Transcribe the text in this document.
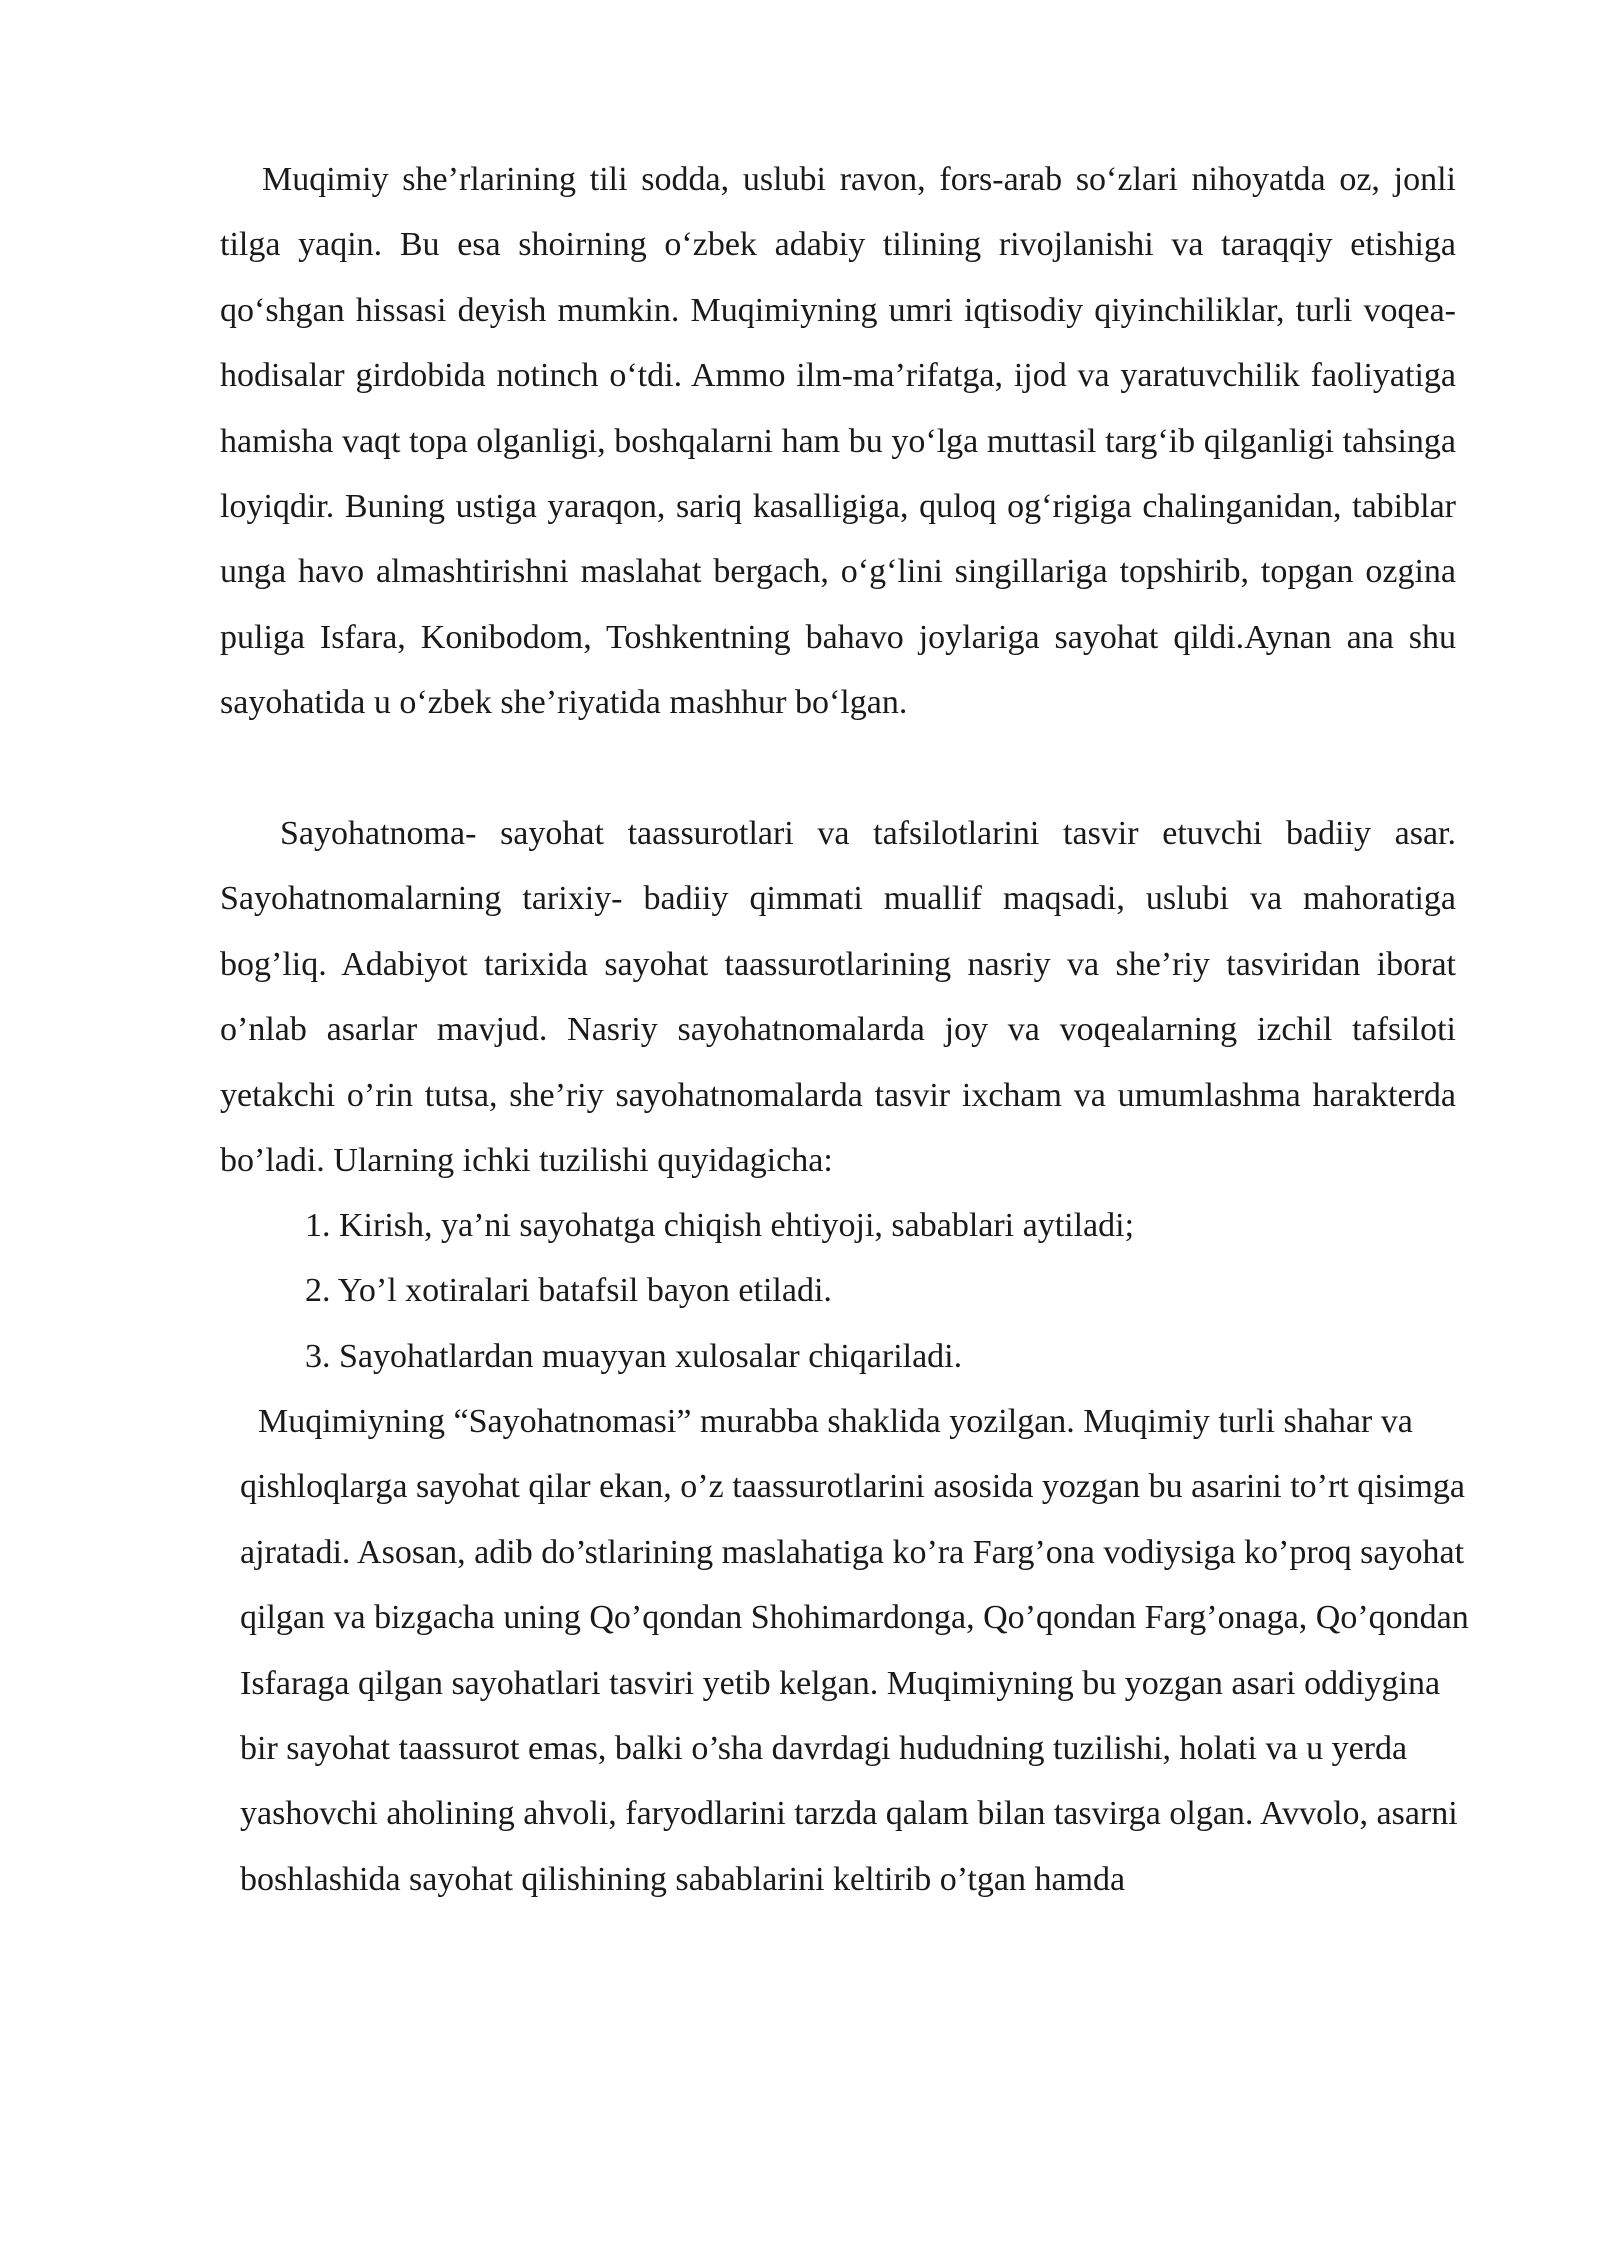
Muqimiy she’rlarining tili sodda, uslubi ravon, fors-arab so‘zlari nihoyatda oz, jonli tilga yaqin. Bu esa shoirning o‘zbek adabiy tilining rivojlanishi va taraqqiy etishiga qo‘shgan hissasi deyish mumkin. Muqimiyning umri iqtisodiy qiyinchiliklar, turli voqea-hodisalar girdobida notinch o‘tdi. Ammo ilm-ma’rifatga, ijod va yaratuvchilik faoliyatiga hamisha vaqt topa olganligi, boshqalarni ham bu yo‘lga muttasil targ‘ib qilganligi tahsinga loyiqdir. Buning ustiga yaraqon, sariq kasalligiga, quloq og‘rigiga chalinganidan, tabiblar unga havo almashtirishni maslahat bergach, o‘g‘lini singillariga topshirib, topgan ozgina puliga Isfara, Konibodom, Toshkentning bahavo joylariga sayohat qildi.Aynan ana shu sayohatida u o‘zbek she’riyatida mashhur bo‘lgan.

Sayohatnoma- sayohat taassurotlari va tafsilotlarini tasvir etuvchi badiiy asar. Sayohatnomalarning tarixiy- badiiy qimmati muallif maqsadi, uslubi va mahoratiga bog’liq. Adabiyot tarixida sayohat taassurotlarining nasriy va she’riy tasviridan iborat o’nlab asarlar mavjud. Nasriy sayohatnomalarda joy va voqealarning izchil tafsiloti yetakchi o’rin tutsa, she’riy sayohatnomalarda tasvir ixcham va umumlashma harakterda bo’ladi. Ularning ichki tuzilishi quyidagicha:

1. Kirish, ya’ni sayohatga chiqish ehtiyoji, sabablari aytiladi;
2. Yo’l xotiralari batafsil bayon etiladi.
3. Sayohatlardan muayyan xulosalar chiqariladi.

Muqimiyning “Sayohatnomasi” murabba shaklida yozilgan. Muqimiy turli shahar va qishloqlarga sayohat qilar ekan, o’z taassurotlarini asosida yozgan bu asarini to’rt qisimga ajratadi. Asosan, adib do’stlarining maslahatiga ko’ra Farg’ona vodiysiga ko’proq sayohat qilgan va bizgacha uning Qo’qondan Shohimardonga, Qo’qondan Farg’onaga, Qo’qondan Isfaraga qilgan sayohatlari tasviri yetib kelgan. Muqimiyning bu yozgan asari oddiygina bir sayohat taassurot emas, balki o’sha davrdagi hududning tuzilishi, holati va u yerda yashovchi aholining ahvoli, faryodlarini tarzda qalam bilan tasvirga olgan. Avvolo, asarni boshlashida sayohat qilishining sabablarini keltirib o’tgan hamda
